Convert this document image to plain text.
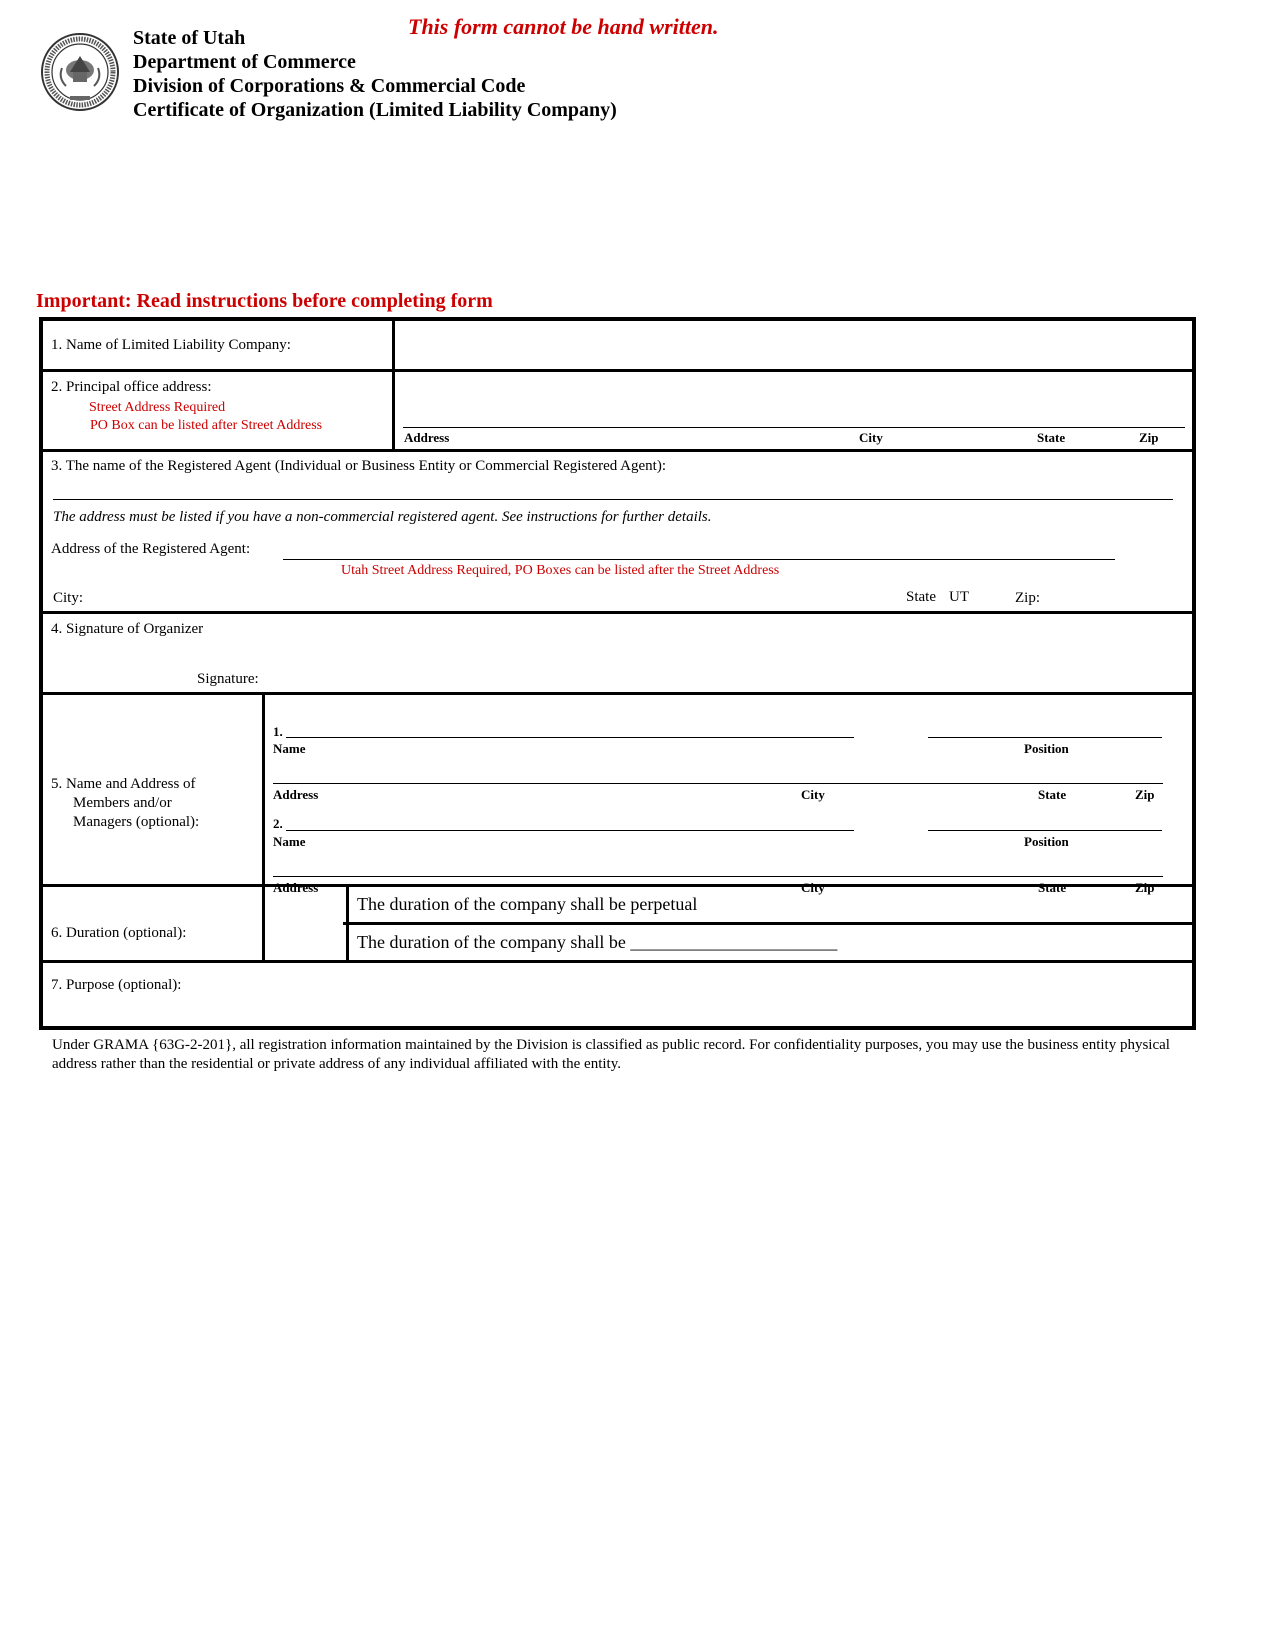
This form cannot be hand written.
State of Utah
Department of Commerce
Division of Corporations & Commercial Code
Certificate of Organization (Limited Liability Company)
Important: Read instructions before completing form
1. Name of Limited Liability Company:
2. Principal office address:
Street Address Required
PO Box can be listed after Street Address
Address	City	State	Zip
3. The name of the Registered Agent (Individual or Business Entity or Commercial Registered Agent):
The address must be listed if you have a non-commercial registered agent. See instructions for further details.
Address of the Registered Agent:
Utah Street Address Required, PO Boxes can be listed after the Street Address
City:	State UT	Zip:
4. Signature of Organizer
Signature:
5. Name and Address of
Members and/or
Managers (optional):
1.
Name	Position
Address	City	State	Zip
2.
Name	Position
Address	City	State	Zip
6. Duration (optional):
The duration of the company shall be perpetual
The duration of the company shall be _______________________
7. Purpose (optional):
Under GRAMA {63G-2-201}, all registration information maintained by the Division is classified as public record. For confidentiality purposes, you may use the business entity physical address rather than the residential or private address of any individual affiliated with the entity.
